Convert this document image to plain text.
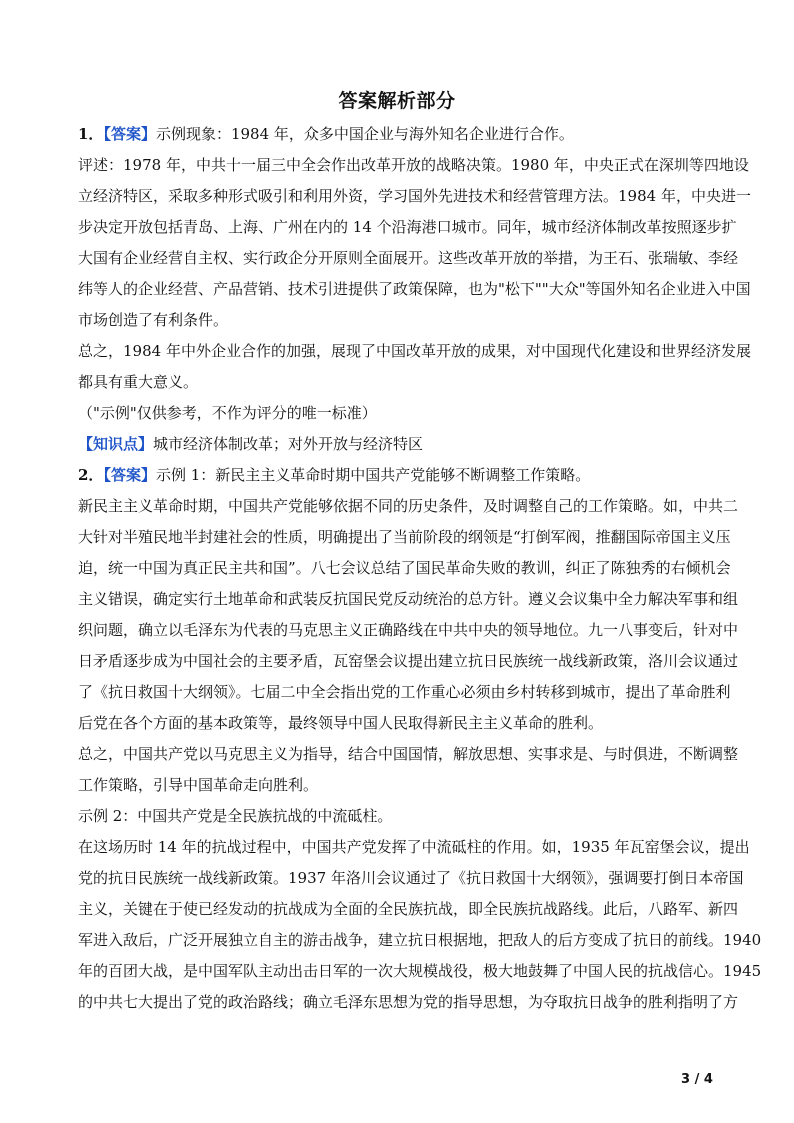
答案解析部分
1．【答案】示例现象：1984 年，众多中国企业与海外知名企业进行合作。
评述：1978 年，中共十一届三中全会作出改革开放的战略决策。1980 年，中央正式在深圳等四地设
立经济特区，采取多种形式吸引和利用外资，学习国外先进技术和经营管理方法。1984 年，中央进一
步决定开放包括青岛、上海、广州在内的 14 个沿海港口城市。同年，城市经济体制改革按照逐步扩
大国有企业经营自主权、实行政企分开原则全面展开。这些改革开放的举措，为王石、张瑞敏、李经
纬等人的企业经营、产品营销、技术引进提供了政策保障，也为"松下""大众"等国外知名企业进入中国
市场创造了有利条件。
总之，1984 年中外企业合作的加强，展现了中国改革开放的成果，对中国现代化建设和世界经济发展
都具有重大意义。
（"示例"仅供参考，不作为评分的唯一标准）
【知识点】城市经济体制改革；对外开放与经济特区
2．【答案】示例 1：新民主主义革命时期中国共产党能够不断调整工作策略。
新民主主义革命时期，中国共产党能够依据不同的历史条件，及时调整自己的工作策略。如，中共二
大针对半殖民地半封建社会的性质，明确提出了当前阶段的纲领是“打倒军阀，推翻国际帝国主义压
迫，统一中国为真正民主共和国”。八七会议总结了国民革命失败的教训，纠正了陈独秀的右倾机会
主义错误，确定实行土地革命和武装反抗国民党反动统治的总方针。遵义会议集中全力解决军事和组
织问题，确立以毛泽东为代表的马克思主义正确路线在中共中央的领导地位。九一八事变后，针对中
日矛盾逐步成为中国社会的主要矛盾，瓦窑堡会议提出建立抗日民族统一战线新政策，洛川会议通过
了《抗日救国十大纲领》。七届二中全会指出党的工作重心必须由乡村转移到城市，提出了革命胜利
后党在各个方面的基本政策等，最终领导中国人民取得新民主主义革命的胜利。
总之，中国共产党以马克思主义为指导，结合中国国情，解放思想、实事求是、与时俱进，不断调整
工作策略，引导中国革命走向胜利。
示例 2：中国共产党是全民族抗战的中流砥柱。
在这场历时 14 年的抗战过程中，中国共产党发挥了中流砥柱的作用。如，1935 年瓦窑堡会议，提出
党的抗日民族统一战线新政策。1937 年洛川会议通过了《抗日救国十大纲领》，强调要打倒日本帝国
主义，关键在于使已经发动的抗战成为全面的全民族抗战，即全民族抗战路线。此后，八路军、新四
军进入敌后，广泛开展独立自主的游击战争，建立抗日根据地，把敌人的后方变成了抗日的前线。1940
年的百团大战，是中国军队主动出击日军的一次大规模战役，极大地鼓舞了中国人民的抗战信心。1945
的中共七大提出了党的政治路线；确立毛泽东思想为党的指导思想，为夺取抗日战争的胜利指明了方
3 / 4
